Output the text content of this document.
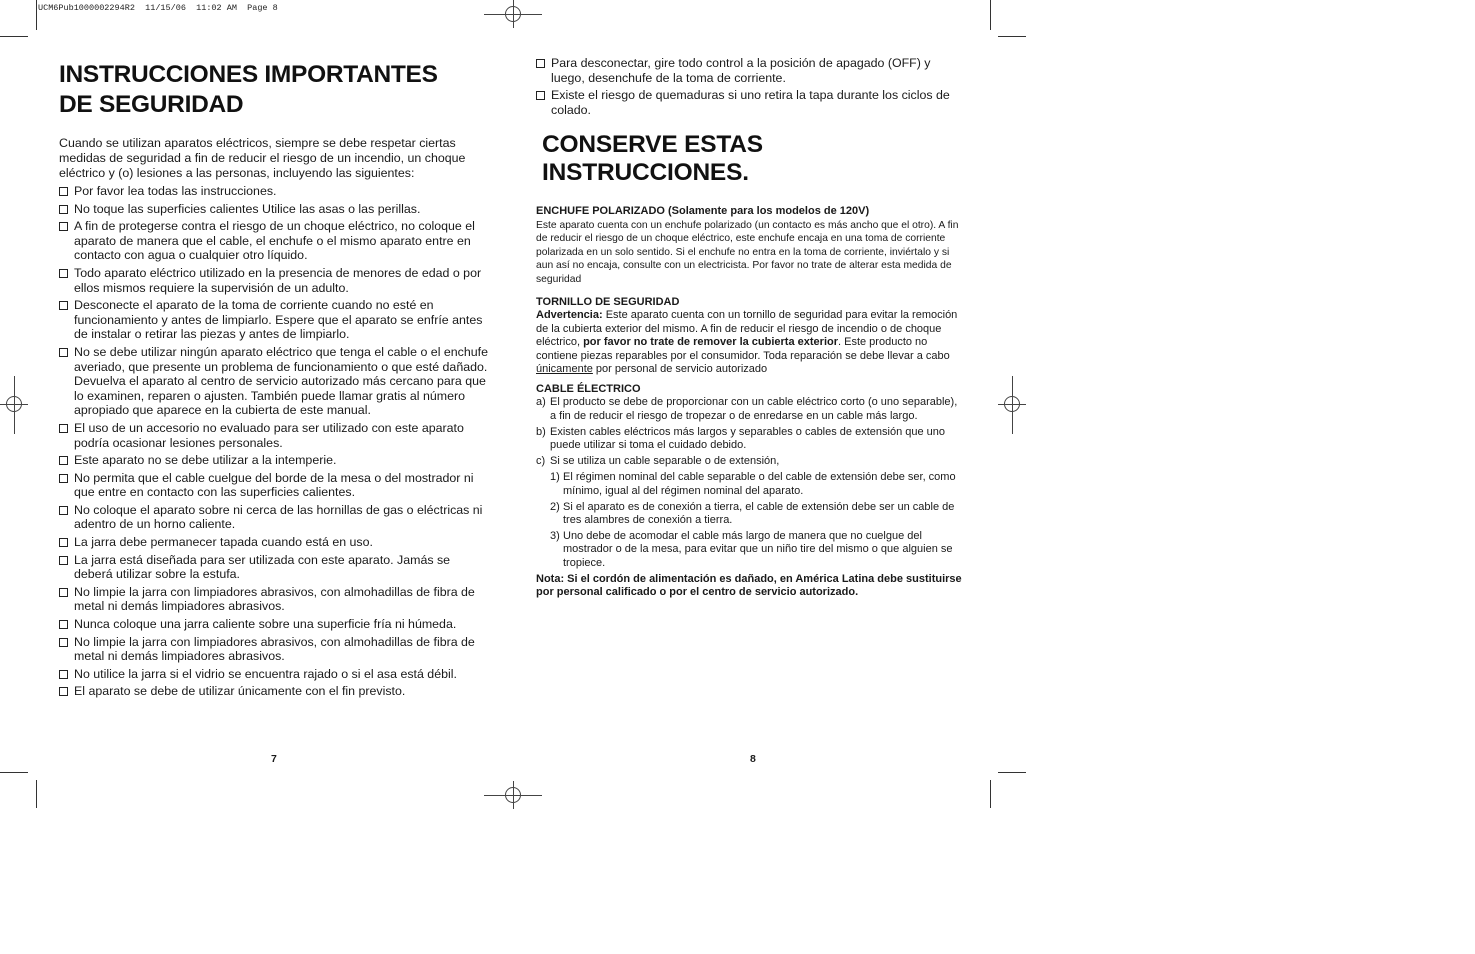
UCM6Pub1000002294R2  11/15/06  11:02 AM  Page 8
INSTRUCCIONES IMPORTANTES
DE SEGURIDAD

Cuando se utilizan aparatos eléctricos, siempre se debe respetar ciertas medidas de seguridad a fin de reducir el riesgo de un incendio, un choque eléctrico y (o) lesiones a las personas, incluyendo las siguientes:

Por favor lea todas las instrucciones.
No toque las superficies calientes Utilice las asas o las perillas.
A fin de protegerse contra el riesgo de un choque eléctrico, no coloque el aparato de manera que el cable, el enchufe o el mismo aparato entre en contacto con agua o cualquier otro líquido.
Todo aparato eléctrico utilizado en la presencia de menores de edad o por ellos mismos requiere la supervisión de un adulto.
Desconecte el aparato de la toma de corriente cuando no esté en funcionamiento y antes de limpiarlo. Espere que el aparato se enfríe antes de instalar o retirar las piezas y antes de limpiarlo.
No se debe utilizar ningún aparato eléctrico que tenga el cable o el enchufe averiado, que presente un problema de funcionamiento o que esté dañado. Devuelva el aparato al centro de servicio autorizado más cercano para que lo examinen, reparen o ajusten. También puede llamar gratis al número apropiado que aparece en la cubierta de este manual.
El uso de un accesorio no evaluado para ser utilizado con este aparato podría ocasionar lesiones personales.
Este aparato no se debe utilizar a la intemperie.
No permita que el cable cuelgue del borde de la mesa o del mostrador ni que entre en contacto con las superficies calientes.
No coloque el aparato sobre ni cerca de las hornillas de gas o eléctricas ni adentro de un horno caliente.
La jarra debe permanecer tapada cuando está en uso.
La jarra está diseñada para ser utilizada con este aparato. Jamás se deberá utilizar sobre la estufa.
No limpie la jarra con limpiadores abrasivos, con almohadillas de fibra de metal ni demás limpiadores abrasivos.
Nunca coloque una jarra caliente sobre una superficie fría ni húmeda.
No limpie la jarra con limpiadores abrasivos, con almohadillas de fibra de metal ni demás limpiadores abrasivos.
No utilice la jarra si el vidrio se encuentra rajado o si el asa está débil.
El aparato se debe de utilizar únicamente con el fin previsto.
Para desconectar, gire todo control a la posición de apagado (OFF) y luego, desenchufe de la toma de corriente.
Existe el riesgo de quemaduras si uno retira la tapa durante los ciclos de colado.
CONSERVE ESTAS INSTRUCCIONES.

ENCHUFE POLARIZADO (Solamente para los modelos de 120V)

Este aparato cuenta con un enchufe polarizado (un contacto es más ancho que el otro). A fin de reducir el riesgo de un choque eléctrico, este enchufe encaja en una toma de corriente polarizada en un solo sentido. Si el enchufe no entra en la toma de corriente, inviértalo y si aun así no encaja, consulte con un electricista. Por favor no trate de alterar esta medida de seguridad

TORNILLO DE SEGURIDAD

Advertencia: Este aparato cuenta con un tornillo de seguridad para evitar la remoción de la cubierta exterior del mismo. A fin de reducir el riesgo de incendio o de choque eléctrico, por favor no trate de remover la cubierta exterior. Este producto no contiene piezas reparables por el consumidor. Toda reparación se debe llevar a cabo únicamente por personal de servicio autorizado

CABLE ÉLECTRICO

a) El producto se debe de proporcionar con un cable eléctrico corto (o uno separable), a fin de reducir el riesgo de tropezar o de enredarse en un cable más largo.
b) Existen cables eléctricos más largos y separables o cables de extensión que uno puede utilizar si toma el cuidado debido.
c) Si se utiliza un cable separable o de extensión,
1) El régimen nominal del cable separable o del cable de extensión debe ser, como mínimo, igual al del régimen nominal del aparato.
2) Si el aparato es de conexión a tierra, el cable de extensión debe ser un cable de tres alambres de conexión a tierra.
3) Uno debe de acomodar el cable más largo de manera que no cuelgue del mostrador o de la mesa, para evitar que un niño tire del mismo o que alguien se tropiece.

Nota: Si el cordón de alimentación es dañado, en América Latina debe sustituirse por personal calificado o por el centro de servicio autorizado.

7	8
